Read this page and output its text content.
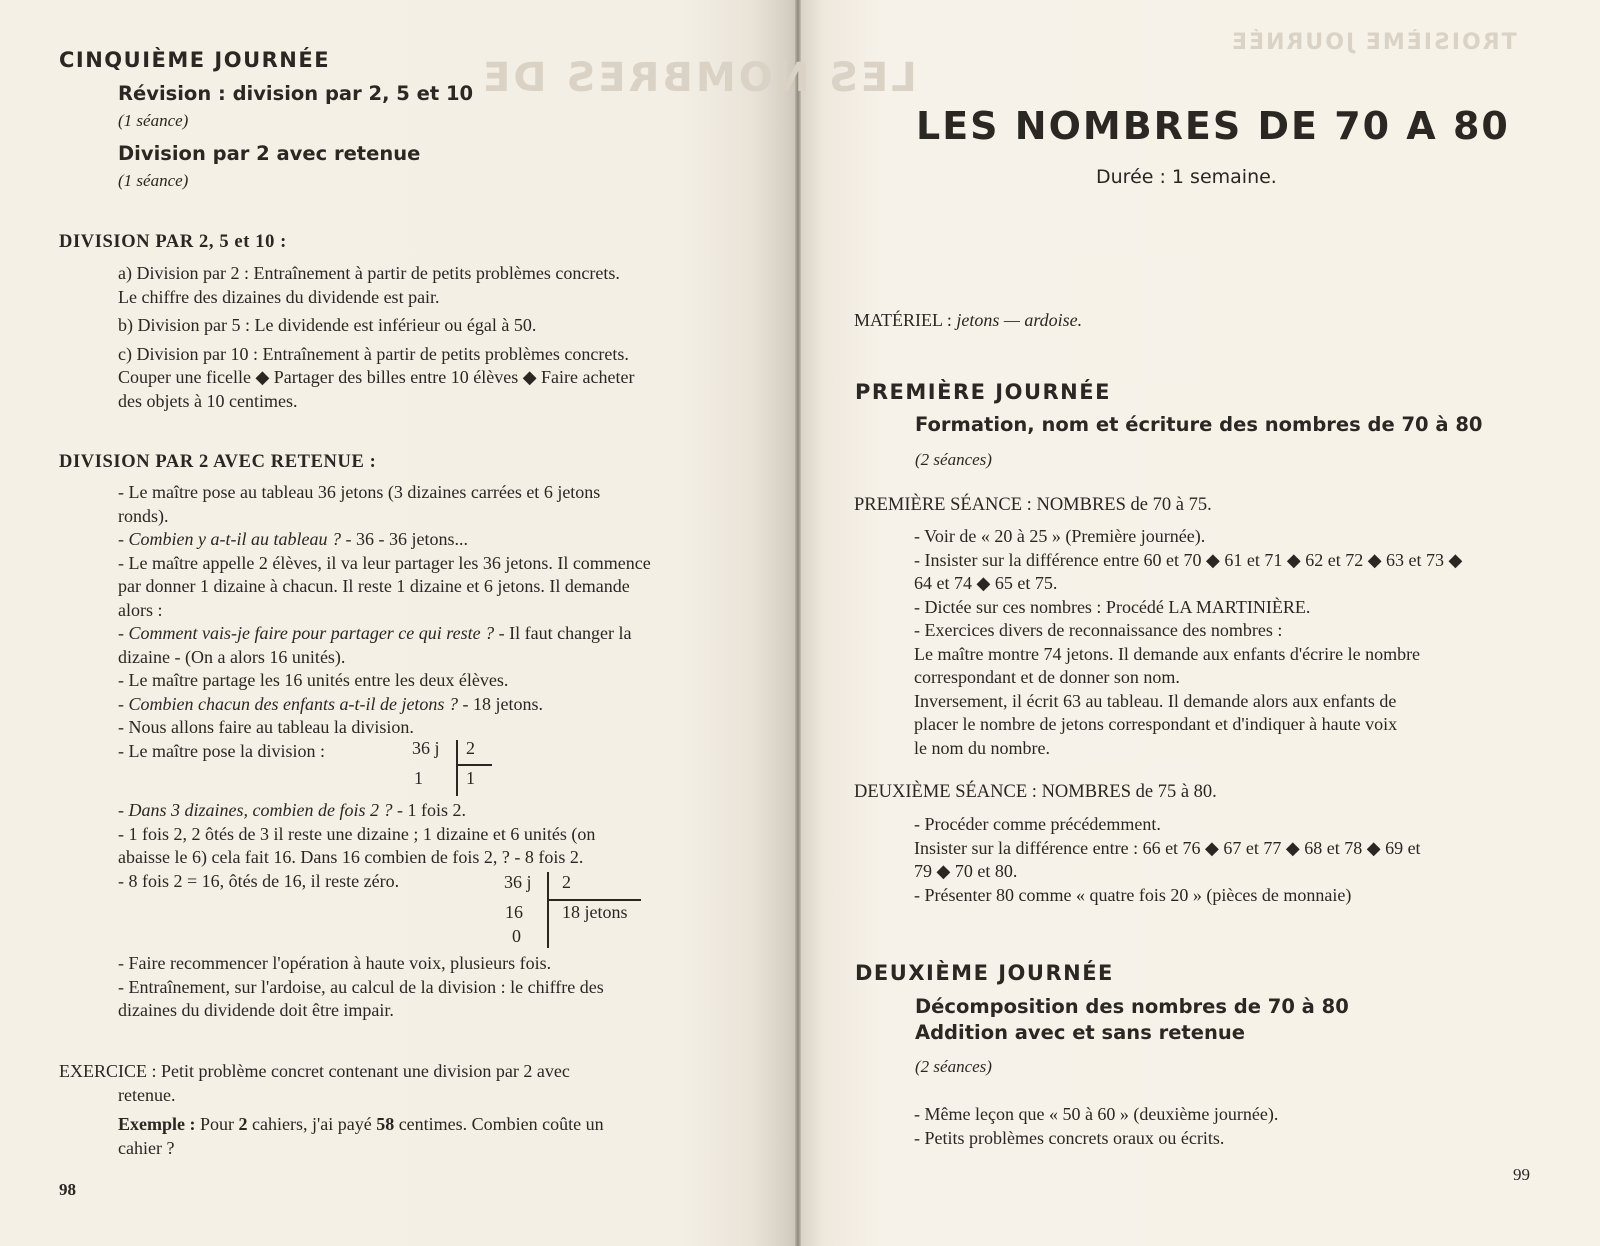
LES NOMBRES DE
TROISIÈME JOURNÉE
CINQUIÈME JOURNÉE
Révision : division par 2, 5 et 10
(1 séance)
Division par 2 avec retenue
(1 séance)
DIVISION PAR 2, 5 et 10 :

a) Division par 2 : Entraînement à partir de petits problèmes concrets.

Le chiffre des dizaines du dividende est pair.

b) Division par 5 : Le dividende est inférieur ou égal à 50.

c) Division par 10 : Entraînement à partir de petits problèmes concrets.

Couper une ficelle ◆ Partager des billes entre 10 élèves ◆ Faire acheter

des objets à 10 centimes.

DIVISION PAR 2 AVEC RETENUE :

- Le maître pose au tableau 36 jetons (3 dizaines carrées et 6 jetons

ronds).

- Combien y a-t-il au tableau ? - 36 - 36 jetons...

- Le maître appelle 2 élèves, il va leur partager les 36 jetons. Il commence

par donner 1 dizaine à chacun. Il reste 1 dizaine et 6 jetons. Il demande

alors :

- Comment vais-je faire pour partager ce qui reste ? - Il faut changer la

dizaine - (On a alors 16 unités).

- Le maître partage les 16 unités entre les deux élèves.

- Combien chacun des enfants a-t-il de jetons ? - 18 jetons.

- Nous allons faire au tableau la division.

- Le maître pose la division :	36 j 2
1 1

- Dans 3 dizaines, combien de fois 2 ? - 1 fois 2.

- 1 fois 2, 2 ôtés de 3 il reste une dizaine ; 1 dizaine et 6 unités (on

abaisse le 6) cela fait 16. Dans 16 combien de fois 2, ? - 8 fois 2.

- 8 fois 2 = 16, ôtés de 16, il reste zéro.	36 j 2
16 18 jetons
0

- Faire recommencer l'opération à haute voix, plusieurs fois.

- Entraînement, sur l'ardoise, au calcul de la division : le chiffre des

dizaines du dividende doit être impair.

EXERCICE : Petit problème concret contenant une division par 2 avec

retenue.

Exemple : Pour 2 cahiers, j'ai payé 58 centimes. Combien coûte un

cahier ?

98
LES NOMBRES DE 70 A 80
Durée : 1 semaine.
MATÉRIEL : jetons — ardoise.
PREMIÈRE JOURNÉE
Formation, nom et écriture des nombres de 70 à 80
(2 séances)
PREMIÈRE SÉANCE : NOMBRES de 70 à 75.

- Voir de « 20 à 25 » (Première journée).

- Insister sur la différence entre 60 et 70 ◆ 61 et 71 ◆ 62 et 72 ◆ 63 et 73 ◆

64 et 74 ◆ 65 et 75.

- Dictée sur ces nombres : Procédé LA MARTINIÈRE.

- Exercices divers de reconnaissance des nombres :

Le maître montre 74 jetons. Il demande aux enfants d'écrire le nombre

correspondant et de donner son nom.

Inversement, il écrit 63 au tableau. Il demande alors aux enfants de

placer le nombre de jetons correspondant et d'indiquer à haute voix

le nom du nombre.

DEUXIÈME SÉANCE : NOMBRES de 75 à 80.

- Procéder comme précédemment.

Insister sur la différence entre : 66 et 76 ◆ 67 et 77 ◆ 68 et 78 ◆ 69 et

79 ◆ 70 et 80.

- Présenter 80 comme « quatre fois 20 » (pièces de monnaie)

DEUXIÈME JOURNÉE
Décomposition des nombres de 70 à 80
Addition avec et sans retenue
(2 séances)

- Même leçon que « 50 à 60 » (deuxième journée).

- Petits problèmes concrets oraux ou écrits.

99
